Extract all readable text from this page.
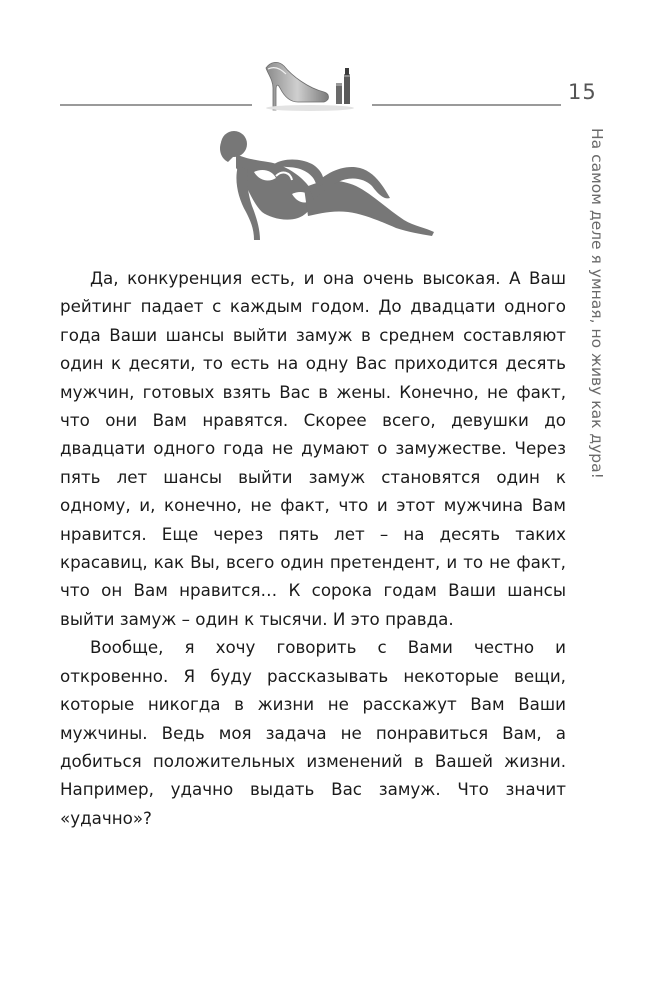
15
На самом деле я умная, но живу как дура!

Да, конкуренция есть, и она очень высокая. А Ваш рейтинг падает с каждым годом. До двадцати одного года Ваши шансы выйти замуж в среднем составляют один к десяти, то есть на одну Вас приходится десять мужчин, готовых взять Вас в жены. Конечно, не факт, что они Вам нравятся. Скорее всего, девушки до двадцати одного года не думают о замужестве. Через пять лет шансы выйти замуж становятся один к одному, и, конечно, не факт, что и этот мужчина Вам нравится. Еще через пять лет – на десять таких красавиц, как Вы, всего один претендент, и то не факт, что он Вам нравится… К сорока годам Ваши шансы выйти замуж – один к тысячи. И это правда.

Вообще, я хочу говорить с Вами честно и откровенно. Я буду рассказывать некоторые вещи, которые никогда в жизни не расскажут Вам Ваши мужчины. Ведь моя задача не понравиться Вам, а добиться положительных изменений в Вашей жизни. Например, удачно выдать Вас замуж. Что значит «удачно»?
